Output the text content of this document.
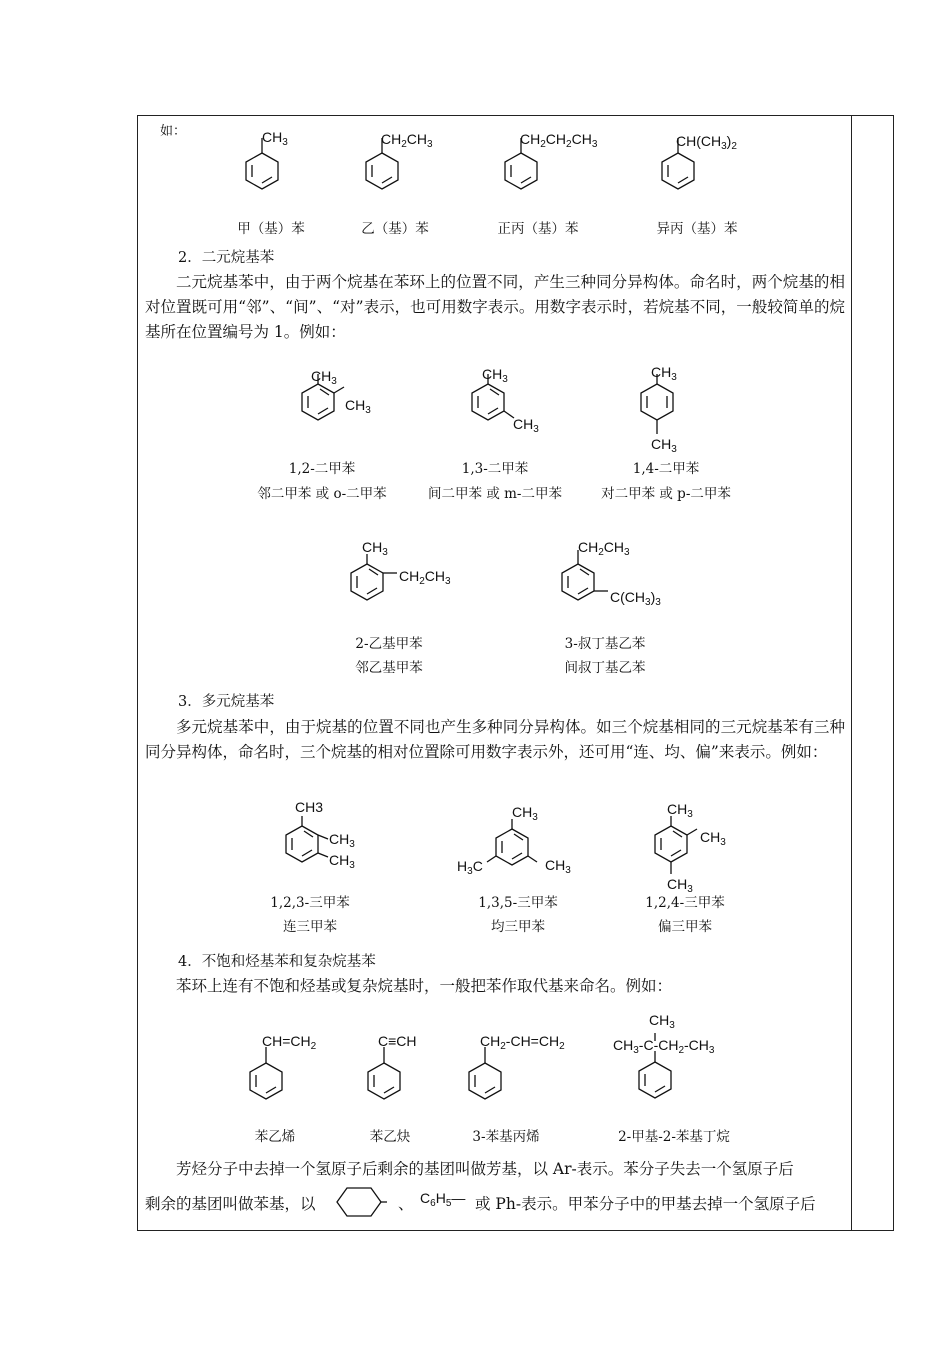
如：	$CH_3$	$CH_2CH_3$	$CH_2CH_2CH_3$	$CH(CH_3)_2$
甲（基）苯	乙（基）苯	正丙（基）苯	异丙（基）苯
2．二元烷基苯
二元烷基苯中，由于两个烷基在苯环上的位置不同，产生三种同分异构体。命名时，两个烷基的相对位置既可用“邻”、“间”、“对”表示，也可用数字表示。用数字表示时，若烷基不同，一般较简单的烷基所在位置编号为 1。例如：
$CH_3$
$CH_3$
$CH_3$
$CH_3$
$CH_3$
$CH_3$
1,2-二甲苯
邻二甲苯 或 o-二甲苯
1,3-二甲苯
间二甲苯 或 m-二甲苯
1,4-二甲苯
对二甲苯 或 p-二甲苯
$CH_3$
$CH_2CH_3$
$CH_2CH_3$
$C(CH_3)_3$
2-乙基甲苯
邻乙基甲苯
3-叔丁基乙苯
间叔丁基乙苯
3．多元烷基苯
多元烷基苯中，由于烷基的位置不同也产生多种同分异构体。如三个烷基相同的三元烷基苯有三种同分异构体，命名时，三个烷基的相对位置除可用数字表示外，还可用“连、均、偏”来表示。例如：
CH3
$CH_3$
$CH_3$
$CH_3$
$CH_3$
$H_3C$
$CH_3$
$CH_3$
$CH_3$
1,2,3-三甲苯
连三甲苯
1,3,5-三甲苯
均三甲苯
1,2,4-三甲苯
偏三甲苯
4．不饱和烃基苯和复杂烷基苯
苯环上连有不饱和烃基或复杂烷基时，一般把苯作取代基来命名。例如：
$CH=CH_2$	C≡CH	$CH_2-CH=CH_2$
$CH_3$
$CH_3-C-CH_2-CH_3$
苯乙烯	苯乙炔	3-苯基丙烯	2-甲基-2-苯基丁烷
芳烃分子中去掉一个氢原子后剩余的基团叫做芳基，以 Ar-表示。苯分子失去一个氢原子后
剩余的基团叫做苯基，以	、 $C_6H_5—$ 或 Ph-表示。甲苯分子中的甲基去掉一个氢原子后
